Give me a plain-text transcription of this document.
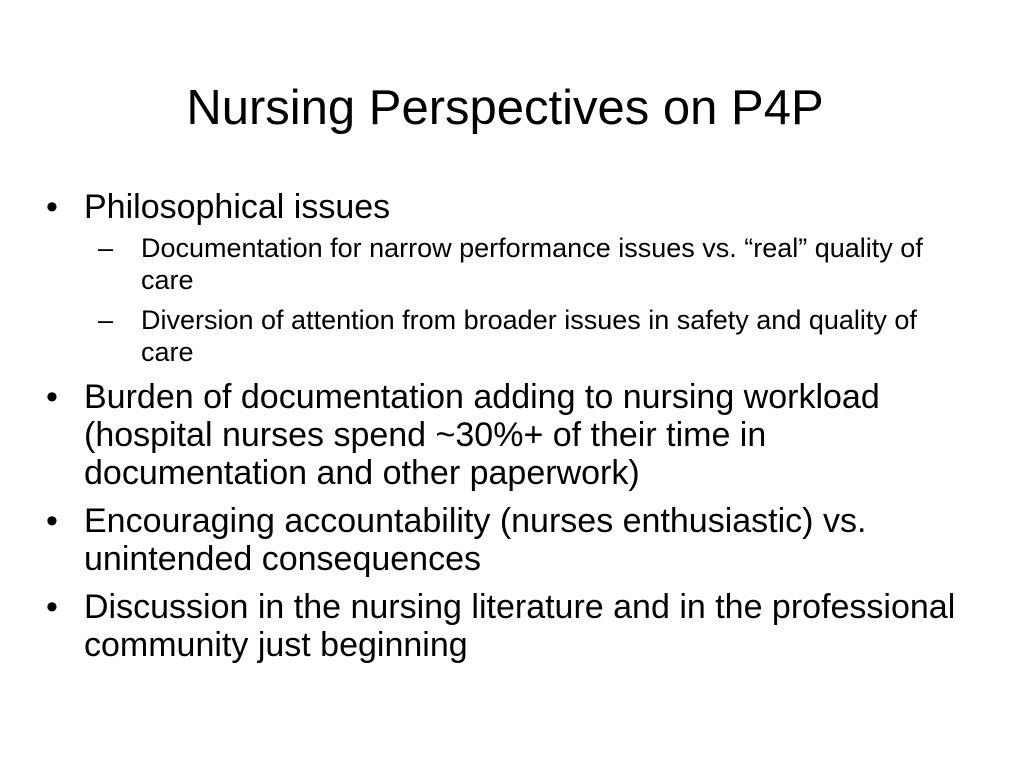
Nursing Perspectives on P4P
• Philosophical issues
–	Documentation for narrow performance issues vs. “real” quality of care
–	Diversion of attention from broader issues in safety and quality of care
• Burden of documentation adding to nursing workload (hospital nurses spend ~30%+ of their time in documentation and other paperwork)
• Encouraging accountability (nurses enthusiastic) vs. unintended consequences
• Discussion in the nursing literature and in the professional community just beginning
